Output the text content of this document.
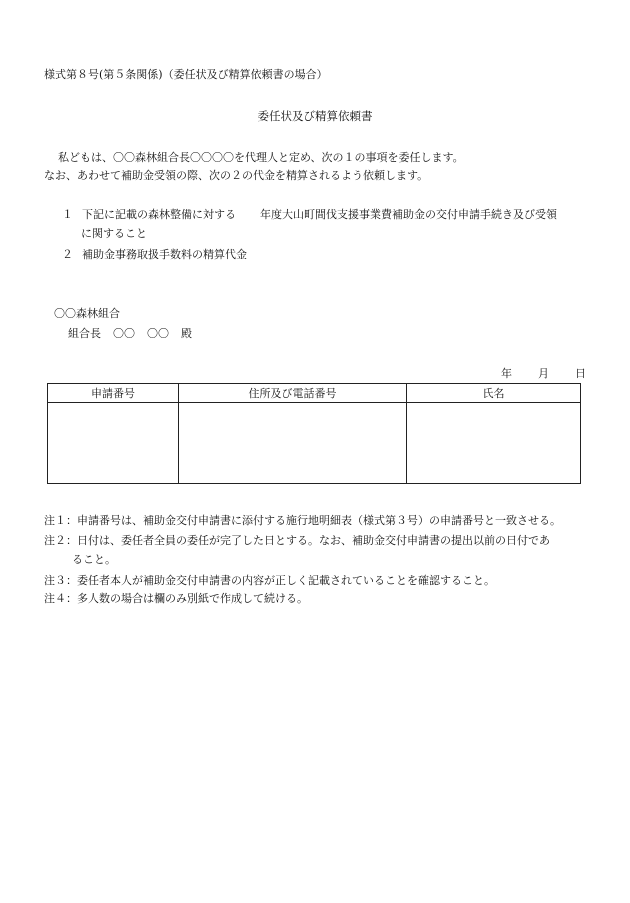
様式第８号(第５条関係)（委任状及び精算依頼書の場合）
委任状及び精算依頼書
私どもは、〇〇森林組合長〇〇〇〇を代理人と定め、次の１の事項を委任します。
なお、あわせて補助金受領の際、次の２の代金を精算されるよう依頼します。
１ 下記に記載の森林整備に対する 年度大山町間伐支援事業費補助金の交付申請手続き及び受領
に関すること
２ 補助金事務取扱手数料の精算代金
〇〇森林組合
組合長 〇〇 〇〇 殿
年 月 日
申請番号	住所及び電話番号	氏名

注１：申請番号は、補助金交付申請書に添付する施行地明細表（様式第３号）の申請番号と一致させる。
注２：日付は、委任者全員の委任が完了した日とする。なお、補助金交付申請書の提出以前の日付であ
ること。
注３：委任者本人が補助金交付申請書の内容が正しく記載されていることを確認すること。
注４：多人数の場合は欄のみ別紙で作成して続ける。
